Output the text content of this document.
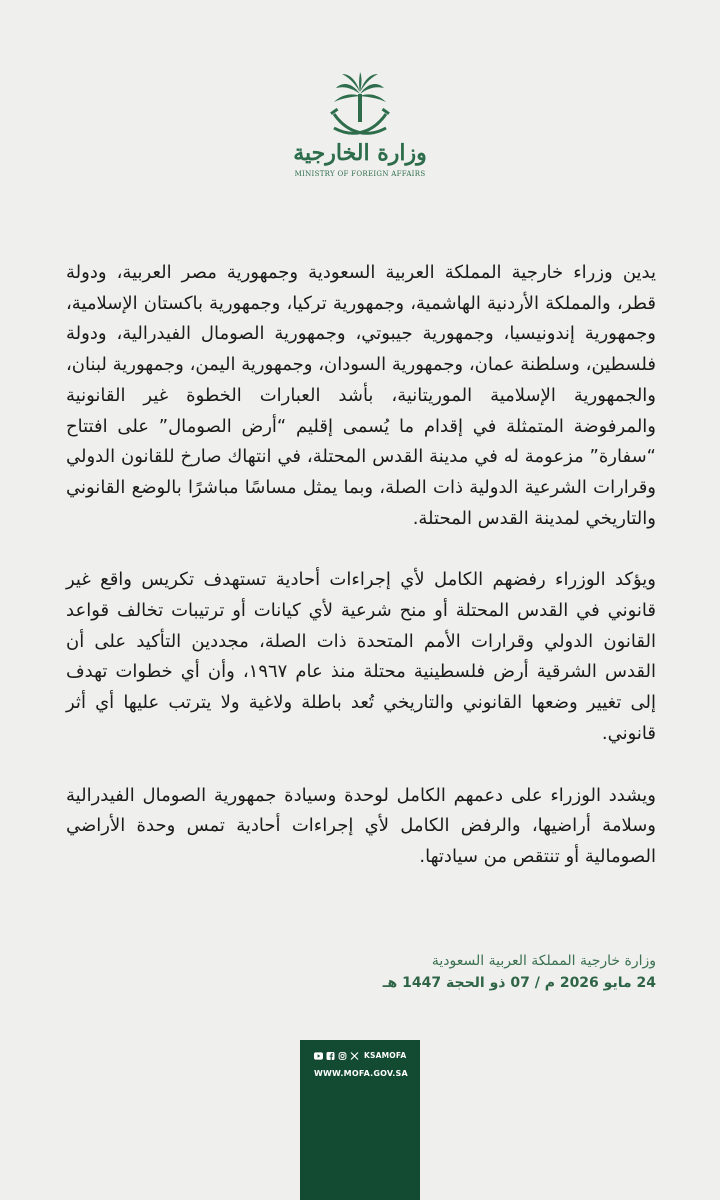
وزارة الخارجية
MINISTRY OF FOREIGN AFFAIRS

يدين وزراء خارجية المملكة العربية السعودية وجمهورية مصر العربية، ودولة قطر، والمملكة الأردنية الهاشمية، وجمهورية تركيا، وجمهورية باكستان الإسلامية، وجمهورية إندونيسيا، وجمهورية جيبوتي، وجمهورية الصومال الفيدرالية، ودولة فلسطين، وسلطنة عمان، وجمهورية السودان، وجمهورية اليمن، وجمهورية لبنان، والجمهورية الإسلامية الموريتانية، بأشد العبارات الخطوة غير القانونية والمرفوضة المتمثلة في إقدام ما يُسمى إقليم “أرض الصومال” على افتتاح “سفارة” مزعومة له في مدينة القدس المحتلة، في انتهاك صارخ للقانون الدولي وقرارات الشرعية الدولية ذات الصلة، وبما يمثل مساسًا مباشرًا بالوضع القانوني والتاريخي لمدينة القدس المحتلة.

ويؤكد الوزراء رفضهم الكامل لأي إجراءات أحادية تستهدف تكريس واقع غير قانوني في القدس المحتلة أو منح شرعية لأي كيانات أو ترتيبات تخالف قواعد القانون الدولي وقرارات الأمم المتحدة ذات الصلة، مجددين التأكيد على أن القدس الشرقية أرض فلسطينية محتلة منذ عام ١٩٦٧، وأن أي خطوات تهدف إلى تغيير وضعها القانوني والتاريخي تُعد باطلة ولاغية ولا يترتب عليها أي أثر قانوني.

ويشدد الوزراء على دعمهم الكامل لوحدة وسيادة جمهورية الصومال الفيدرالية وسلامة أراضيها، والرفض الكامل لأي إجراءات أحادية تمس وحدة الأراضي الصومالية أو تنتقص من سيادتها.

وزارة خارجية المملكة العربية السعودية
24 مايو 2026 م / 07 ذو الحجة 1447 هـ
KSAMOFA
WWW.MOFA.GOV.SA
